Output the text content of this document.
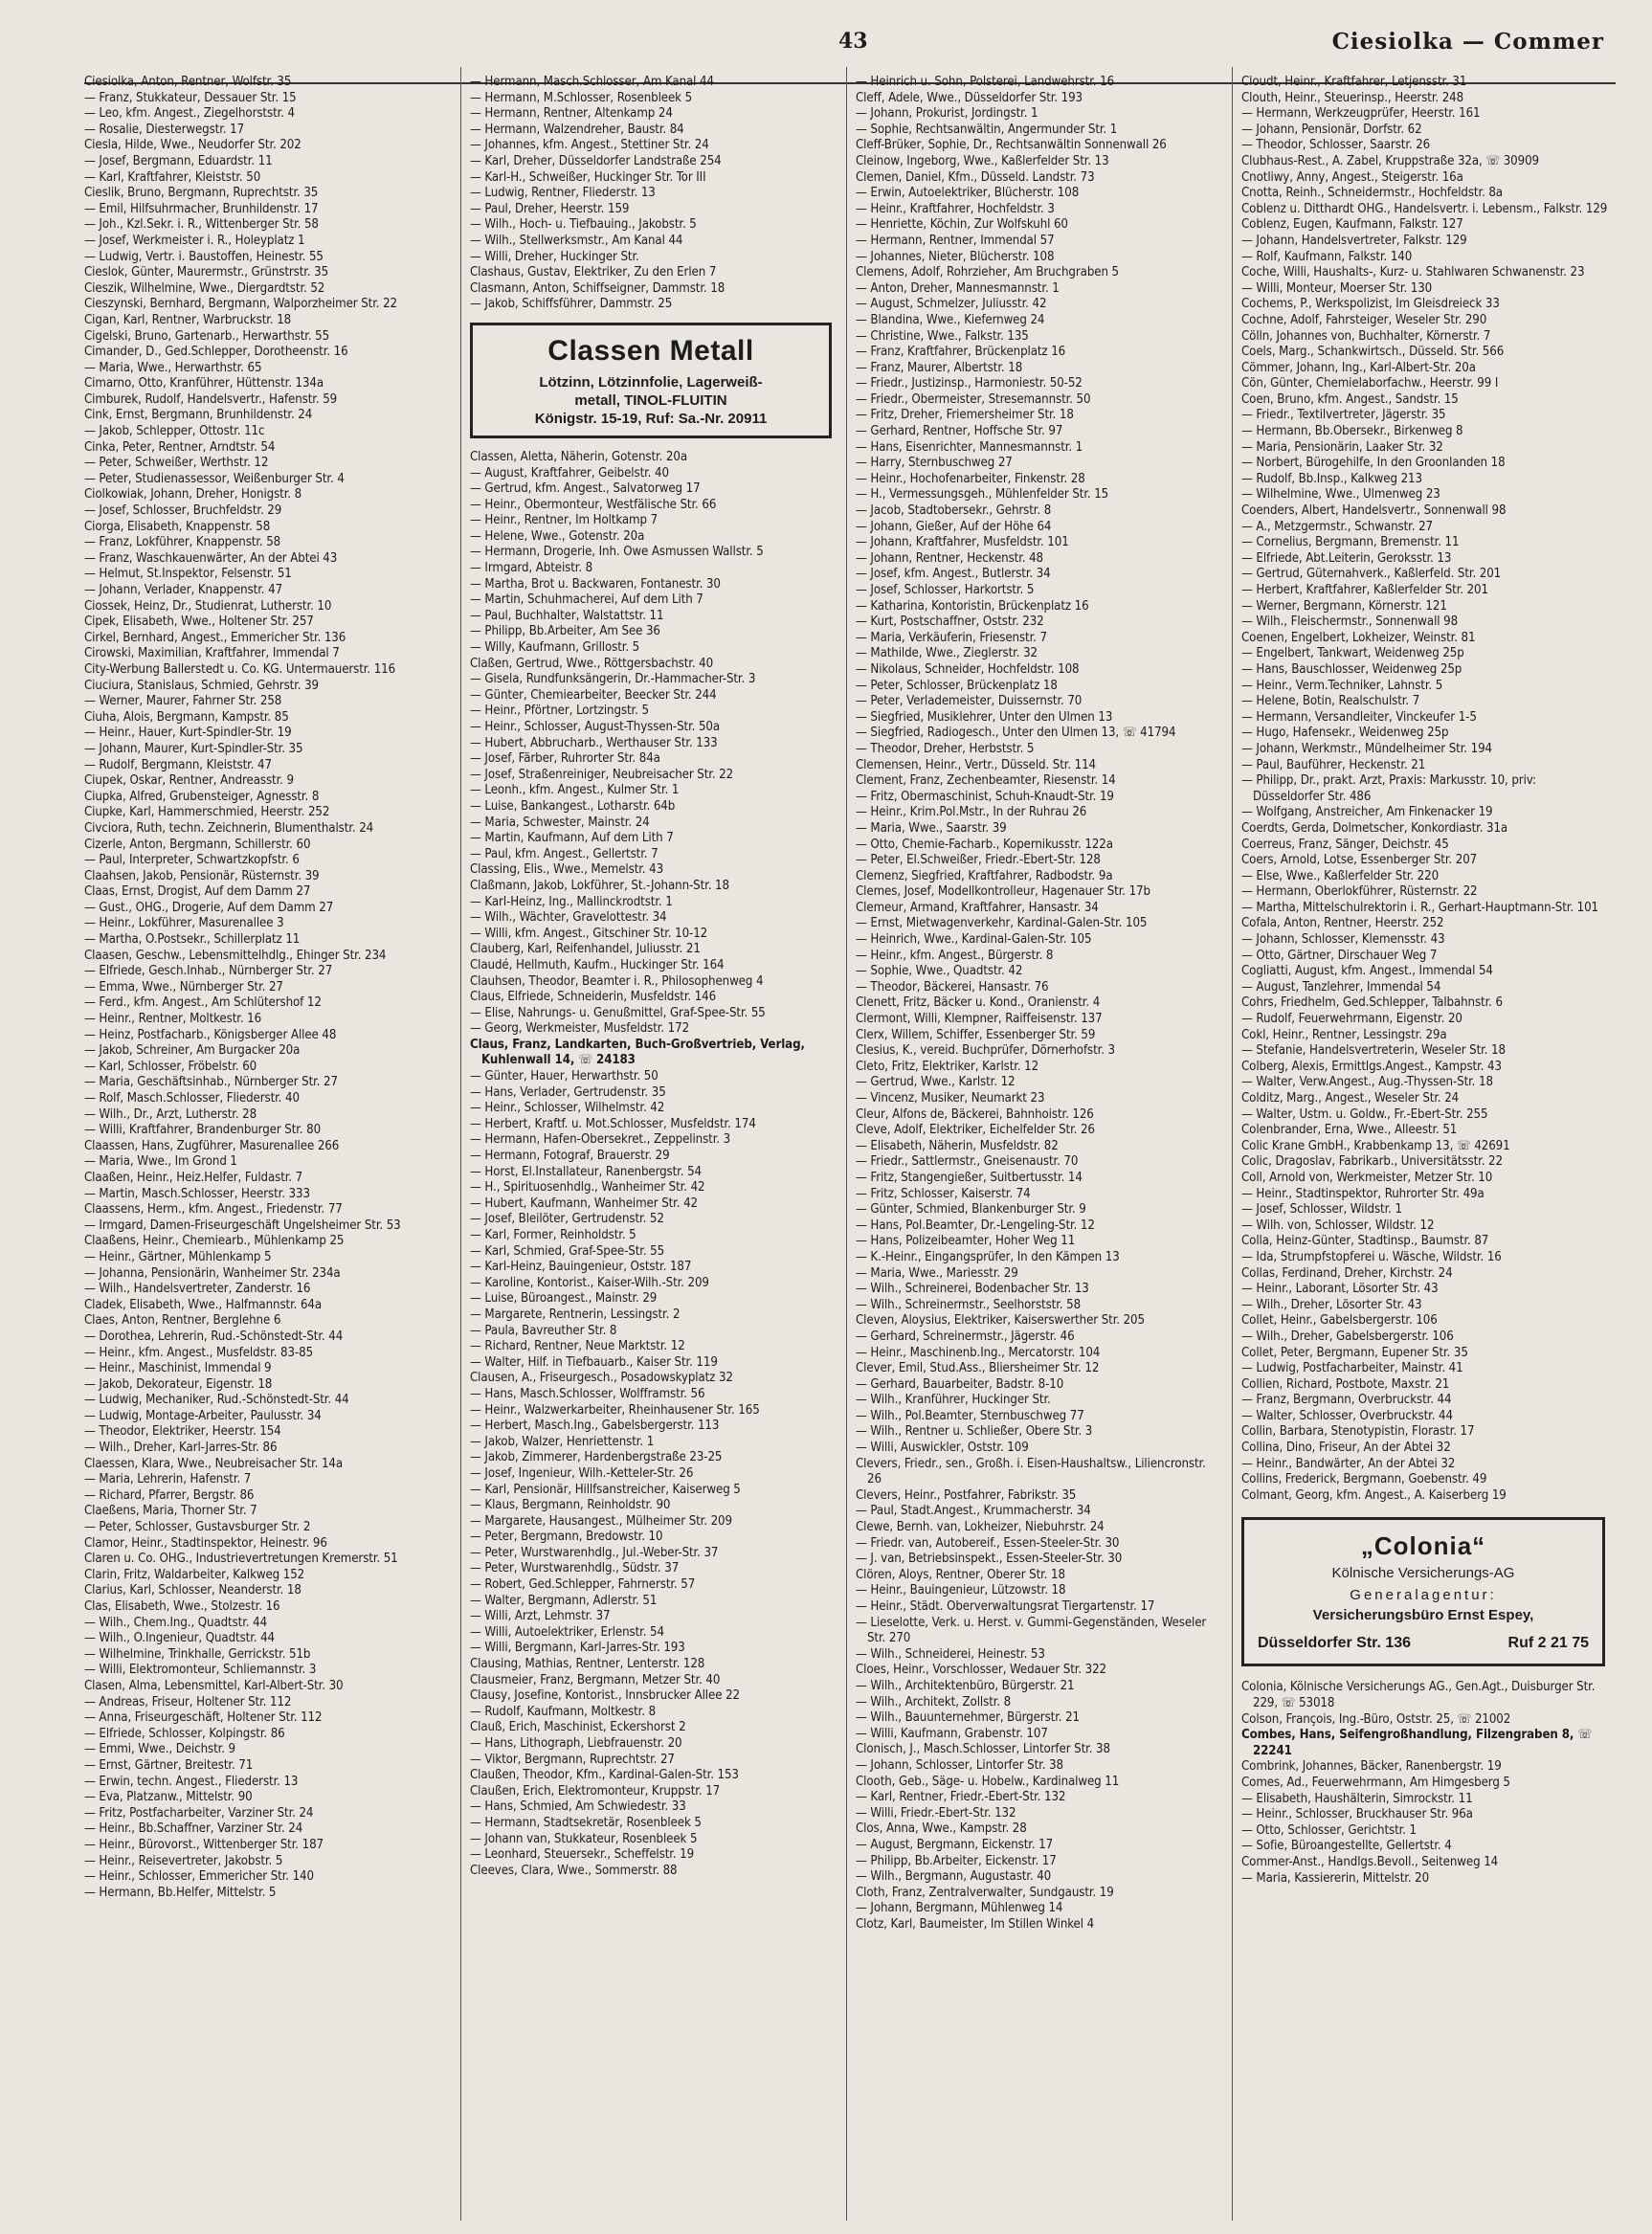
43	Ciesiolka — Commer
Ciesiolka, Anton, Rentner, Wolfstr. 35
— Franz, Stukkateur, Dessauer Str. 15
— Leo, kfm. Angest., Ziegelhorststr. 4
— Rosalie, Diesterwegstr. 17
Ciesla, Hilde, Wwe., Neudorfer Str. 202
— Josef, Bergmann, Eduardstr. 11
— Karl, Kraftfahrer, Kleiststr. 50
Cieslik, Bruno, Bergmann, Ruprechtstr. 35
— Emil, Hilfsuhrmacher, Brunhildenstr. 17
— Joh., Kzl.Sekr. i. R., Wittenberger Str. 58
— Josef, Werkmeister i. R., Holeyplatz 1
— Ludwig, Vertr. i. Baustoffen, Heinestr. 55
Cieslok, Günter, Maurermstr., Grünstrstr. 35
Cieszik, Wilhelmine, Wwe., Diergardtstr. 52
Cieszynski, Bernhard, Bergmann, Walporzheimer Str. 22
Cigan, Karl, Rentner, Warbruckstr. 18
Cigelski, Bruno, Gartenarb., Herwarthstr. 55
Cimander, D., Ged.Schlepper, Dorotheenstr. 16
— Maria, Wwe., Herwarthstr. 65
Cimarno, Otto, Kranführer, Hüttenstr. 134a
Cimburek, Rudolf, Handelsvertr., Hafenstr. 59
Cink, Ernst, Bergmann, Brunhildenstr. 24
— Jakob, Schlepper, Ottostr. 11c
Cinka, Peter, Rentner, Arndtstr. 54
— Peter, Schweißer, Werthstr. 12
— Peter, Studienassessor, Weißenburger Str. 4
Ciolkowiak, Johann, Dreher, Honigstr. 8
— Josef, Schlosser, Bruchfeldstr. 29
Ciorga, Elisabeth, Knappenstr. 58
— Franz, Lokführer, Knappenstr. 58
— Franz, Waschkauenwärter, An der Abtei 43
— Helmut, St.Inspektor, Felsenstr. 51
— Johann, Verlader, Knappenstr. 47
Ciossek, Heinz, Dr., Studienrat, Lutherstr. 10
Cipek, Elisabeth, Wwe., Holtener Str. 257
Cirkel, Bernhard, Angest., Emmericher Str. 136
Cirowski, Maximilian, Kraftfahrer, Immendal 7
City-Werbung Ballerstedt u. Co. KG. Untermauerstr. 116
Ciuciura, Stanislaus, Schmied, Gehrstr. 39
— Werner, Maurer, Fahrner Str. 258
Ciuha, Alois, Bergmann, Kampstr. 85
— Heinr., Hauer, Kurt-Spindler-Str. 19
— Johann, Maurer, Kurt-Spindler-Str. 35
— Rudolf, Bergmann, Kleiststr. 47
Ciupek, Oskar, Rentner, Andreasstr. 9
Ciupka, Alfred, Grubensteiger, Agnesstr. 8
Ciupke, Karl, Hammerschmied, Heerstr. 252
Civciora, Ruth, techn. Zeichnerin, Blumenthalstr. 24
Cizerle, Anton, Bergmann, Schillerstr. 60
— Paul, Interpreter, Schwartzkopfstr. 6
Claahsen, Jakob, Pensionär, Rüsternstr. 39
Claas, Ernst, Drogist, Auf dem Damm 27
— Gust., OHG., Drogerie, Auf dem Damm 27
— Heinr., Lokführer, Masurenallee 3
— Martha, O.Postsekr., Schillerplatz 11
Claasen, Geschw., Lebensmittelhdlg., Ehinger Str. 234
— Elfriede, Gesch.Inhab., Nürnberger Str. 27
— Emma, Wwe., Nürnberger Str. 27
— Ferd., kfm. Angest., Am Schlütershof 12
— Heinr., Rentner, Moltkestr. 16
— Heinz, Postfacharb., Königsberger Allee 48
— Jakob, Schreiner, Am Burgacker 20a
— Karl, Schlosser, Fröbelstr. 60
— Maria, Geschäftsinhab., Nürnberger Str. 27
— Rolf, Masch.Schlosser, Fliederstr. 40
— Wilh., Dr., Arzt, Lutherstr. 28
— Willi, Kraftfahrer, Brandenburger Str. 80
Claassen, Hans, Zugführer, Masurenallee 266
— Maria, Wwe., Im Grond 1
Claaßen, Heinr., Heiz.Helfer, Fuldastr. 7
— Martin, Masch.Schlosser, Heerstr. 333
Claassens, Herm., kfm. Angest., Friedenstr. 77
— Irmgard, Damen-Friseurgeschäft Ungelsheimer Str. 53
Claaßens, Heinr., Chemiearb., Mühlenkamp 25
— Heinr., Gärtner, Mühlenkamp 5
— Johanna, Pensionärin, Wanheimer Str. 234a
— Wilh., Handelsvertreter, Zanderstr. 16
Cladek, Elisabeth, Wwe., Halfmannstr. 64a
Claes, Anton, Rentner, Berglehne 6
— Dorothea, Lehrerin, Rud.-Schönstedt-Str. 44
— Heinr., kfm. Angest., Musfeldstr. 83-85
— Heinr., Maschinist, Immendal 9
— Jakob, Dekorateur, Eigenstr. 18
— Ludwig, Mechaniker, Rud.-Schönstedt-Str. 44
— Ludwig, Montage-Arbeiter, Paulusstr. 34
— Theodor, Elektriker, Heerstr. 154
— Wilh., Dreher, Karl-Jarres-Str. 86
Claessen, Klara, Wwe., Neubreisacher Str. 14a
— Maria, Lehrerin, Hafenstr. 7
— Richard, Pfarrer, Bergstr. 86
Claeßens, Maria, Thorner Str. 7
— Peter, Schlosser, Gustavsburger Str. 2
Clamor, Heinr., Stadtinspektor, Heinestr. 96
Claren u. Co. OHG., Industrievertretungen Kremerstr. 51
Clarin, Fritz, Waldarbeiter, Kalkweg 152
Clarius, Karl, Schlosser, Neanderstr. 18
Clas, Elisabeth, Wwe., Stolzestr. 16
— Wilh., Chem.Ing., Quadtstr. 44
— Wilh., O.Ingenieur, Quadtstr. 44
— Wilhelmine, Trinkhalle, Gerrickstr. 51b
— Willi, Elektromonteur, Schliemannstr. 3
Clasen, Alma, Lebensmittel, Karl-Albert-Str. 30
— Andreas, Friseur, Holtener Str. 112
— Anna, Friseurgeschäft, Holtener Str. 112
— Elfriede, Schlosser, Kolpingstr. 86
— Emmi, Wwe., Deichstr. 9
— Ernst, Gärtner, Breitestr. 71
— Erwin, techn. Angest., Fliederstr. 13
— Eva, Platzanw., Mittelstr. 90
— Fritz, Postfacharbeiter, Varziner Str. 24
— Heinr., Bb.Schaffner, Varziner Str. 24
— Heinr., Bürovorst., Wittenberger Str. 187
— Heinr., Reisevertreter, Jakobstr. 5
— Heinr., Schlosser, Emmericher Str. 140
— Hermann, Bb.Helfer, Mittelstr. 5
— Hermann, Masch.Schlosser, Am Kanal 44
— Hermann, M.Schlosser, Rosenbleek 5
— Hermann, Rentner, Altenkamp 24
— Hermann, Walzendreher, Baustr. 84
— Johannes, kfm. Angest., Stettiner Str. 24
— Karl, Dreher, Düsseldorfer Landstraße 254
— Karl-H., Schweißer, Huckinger Str. Tor III
— Ludwig, Rentner, Fliederstr. 13
— Paul, Dreher, Heerstr. 159
— Wilh., Hoch- u. Tiefbauing., Jakobstr. 5
— Wilh., Stellwerksmstr., Am Kanal 44
— Willi, Dreher, Huckinger Str.
Clashaus, Gustav, Elektriker, Zu den Erlen 7
Clasmann, Anton, Schiffseigner, Dammstr. 18
— Jakob, Schiffsführer, Dammstr. 25
Classen Metall
Lötzinn, Lötzinnfolie, Lagerweiß-
metall, TINOL-FLUITIN
Königstr. 15-19, Ruf: Sa.-Nr. 20911
Classen, Aletta, Näherin, Gotenstr. 20a
— August, Kraftfahrer, Geibelstr. 40
— Gertrud, kfm. Angest., Salvatorweg 17
— Heinr., Obermonteur, Westfälische Str. 66
— Heinr., Rentner, Im Holtkamp 7
— Helene, Wwe., Gotenstr. 20a
— Hermann, Drogerie, Inh. Owe Asmussen Wallstr. 5
— Irmgard, Abteistr. 8
— Martha, Brot u. Backwaren, Fontanestr. 30
— Martin, Schuhmacherei, Auf dem Lith 7
— Paul, Buchhalter, Walstattstr. 11
— Philipp, Bb.Arbeiter, Am See 36
— Willy, Kaufmann, Grillostr. 5
Claßen, Gertrud, Wwe., Röttgersbachstr. 40
— Gisela, Rundfunksängerin, Dr.-Hammacher-Str. 3
— Günter, Chemiearbeiter, Beecker Str. 244
— Heinr., Pförtner, Lortzingstr. 5
— Heinr., Schlosser, August-Thyssen-Str. 50a
— Hubert, Abbrucharb., Werthauser Str. 133
— Josef, Färber, Ruhrorter Str. 84a
— Josef, Straßenreiniger, Neubreisacher Str. 22
— Leonh., kfm. Angest., Kulmer Str. 1
— Luise, Bankangest., Lotharstr. 64b
— Maria, Schwester, Mainstr. 24
— Martin, Kaufmann, Auf dem Lith 7
— Paul, kfm. Angest., Gellertstr. 7
Classing, Elis., Wwe., Memelstr. 43
Claßmann, Jakob, Lokführer, St.-Johann-Str. 18
— Karl-Heinz, Ing., Mallinckrodtstr. 1
— Wilh., Wächter, Gravelottestr. 34
— Willi, kfm. Angest., Gitschiner Str. 10-12
Clauberg, Karl, Reifenhandel, Juliusstr. 21
Claudé, Hellmuth, Kaufm., Huckinger Str. 164
Clauhsen, Theodor, Beamter i. R., Philosophenweg 4
Claus, Elfriede, Schneiderin, Musfeldstr. 146
— Elise, Nahrungs- u. Genußmittel, Graf-Spee-Str. 55
— Georg, Werkmeister, Musfeldstr. 172
Claus, Franz, Landkarten, Buch-Großvertrieb, Verlag, Kuhlenwall 14, ☏ 24183
— Günter, Hauer, Herwarthstr. 50
— Hans, Verlader, Gertrudenstr. 35
— Heinr., Schlosser, Wilhelmstr. 42
— Herbert, Kraftf. u. Mot.Schlosser, Musfeldstr. 174
— Hermann, Hafen-Obersekret., Zeppelinstr. 3
— Hermann, Fotograf, Brauerstr. 29
— Horst, El.Installateur, Ranenbergstr. 54
— H., Spirituosenhdlg., Wanheimer Str. 42
— Hubert, Kaufmann, Wanheimer Str. 42
— Josef, Bleilöter, Gertrudenstr. 52
— Karl, Former, Reinholdstr. 5
— Karl, Schmied, Graf-Spee-Str. 55
— Karl-Heinz, Bauingenieur, Oststr. 187
— Karoline, Kontorist., Kaiser-Wilh.-Str. 209
— Luise, Büroangest., Mainstr. 29
— Margarete, Rentnerin, Lessingstr. 2
— Paula, Bavreuther Str. 8
— Richard, Rentner, Neue Marktstr. 12
— Walter, Hilf. in Tiefbauarb., Kaiser Str. 119
Clausen, A., Friseurgesch., Posadowskyplatz 32
— Hans, Masch.Schlosser, Wolfframstr. 56
— Heinr., Walzwerkarbeiter, Rheinhausener Str. 165
— Herbert, Masch.Ing., Gabelsbergerstr. 113
— Jakob, Walzer, Henriettenstr. 1
— Jakob, Zimmerer, Hardenbergstraße 23-25
— Josef, Ingenieur, Wilh.-Ketteler-Str. 26
— Karl, Pensionär, Hillfsanstreicher, Kaiserweg 5
— Klaus, Bergmann, Reinholdstr. 90
— Margarete, Hausangest., Mülheimer Str. 209
— Peter, Bergmann, Bredowstr. 10
— Peter, Wurstwarenhdlg., Jul.-Weber-Str. 37
— Peter, Wurstwarenhdlg., Südstr. 37
— Robert, Ged.Schlepper, Fahrnerstr. 57
— Walter, Bergmann, Adlerstr. 51
— Willi, Arzt, Lehmstr. 37
— Willi, Autoelektriker, Erlenstr. 54
— Willi, Bergmann, Karl-Jarres-Str. 193
Clausing, Mathias, Rentner, Lenterstr. 128
Clausmeier, Franz, Bergmann, Metzer Str. 40
Clausy, Josefine, Kontorist., Innsbrucker Allee 22
— Rudolf, Kaufmann, Moltkestr. 8
Clauß, Erich, Maschinist, Eckershorst 2
— Hans, Lithograph, Liebfrauenstr. 20
— Viktor, Bergmann, Ruprechtstr. 27
Claußen, Theodor, Kfm., Kardinal-Galen-Str. 153
Claußen, Erich, Elektromonteur, Kruppstr. 17
— Hans, Schmied, Am Schwiedestr. 33
— Hermann, Stadtsekretär, Rosenbleek 5
— Johann van, Stukkateur, Rosenbleek 5
— Leonhard, Steuersekr., Scheffelstr. 19
Cleeves, Clara, Wwe., Sommerstr. 88
— Heinrich u. Sohn, Polsterei, Landwehrstr. 16
Cleff, Adele, Wwe., Düsseldorfer Str. 193
— Johann, Prokurist, Jordingstr. 1
— Sophie, Rechtsanwältin, Angermunder Str. 1
Cleff-Brüker, Sophie, Dr., Rechtsanwältin Sonnenwall 26
Cleinow, Ingeborg, Wwe., Kaßlerfelder Str. 13
Clemen, Daniel, Kfm., Düsseld. Landstr. 73
— Erwin, Autoelektriker, Blücherstr. 108
— Heinr., Kraftfahrer, Hochfeldstr. 3
— Henriette, Köchin, Zur Wolfskuhl 60
— Hermann, Rentner, Immendal 57
— Johannes, Nieter, Blücherstr. 108
Clemens, Adolf, Rohrzieher, Am Bruchgraben 5
— Anton, Dreher, Mannesmannstr. 1
— August, Schmelzer, Juliusstr. 42
— Blandina, Wwe., Kiefernweg 24
— Christine, Wwe., Falkstr. 135
— Franz, Kraftfahrer, Brückenplatz 16
— Franz, Maurer, Albertstr. 18
— Friedr., Justizinsp., Harmoniestr. 50-52
— Friedr., Obermeister, Stresemannstr. 50
— Fritz, Dreher, Friemersheimer Str. 18
— Gerhard, Rentner, Hoffsche Str. 97
— Hans, Eisenrichter, Mannesmannstr. 1
— Harry, Sternbuschweg 27
— Heinr., Hochofenarbeiter, Finkenstr. 28
— H., Vermessungsgeh., Mühlenfelder Str. 15
— Jacob, Stadtobersekr., Gehrstr. 8
— Johann, Gießer, Auf der Höhe 64
— Johann, Kraftfahrer, Musfeldstr. 101
— Johann, Rentner, Heckenstr. 48
— Josef, kfm. Angest., Butlerstr. 34
— Josef, Schlosser, Harkortstr. 5
— Katharina, Kontoristin, Brückenplatz 16
— Kurt, Postschaffner, Oststr. 232
— Maria, Verkäuferin, Friesenstr. 7
— Mathilde, Wwe., Zieglerstr. 32
— Nikolaus, Schneider, Hochfeldstr. 108
— Peter, Schlosser, Brückenplatz 18
— Peter, Verlademeister, Duissernstr. 70
— Siegfried, Musiklehrer, Unter den Ulmen 13
— Siegfried, Radiogesch., Unter den Ulmen 13, ☏ 41794
— Theodor, Dreher, Herbststr. 5
Clemensen, Heinr., Vertr., Düsseld. Str. 114
Clement, Franz, Zechenbeamter, Riesenstr. 14
— Fritz, Obermaschinist, Schuh-Knaudt-Str. 19
— Heinr., Krim.Pol.Mstr., In der Ruhrau 26
— Maria, Wwe., Saarstr. 39
— Otto, Chemie-Facharb., Kopernikusstr. 122a
— Peter, El.Schweißer, Friedr.-Ebert-Str. 128
Clemenz, Siegfried, Kraftfahrer, Radbodstr. 9a
Clemes, Josef, Modellkontrolleur, Hagenauer Str. 17b
Clemeur, Armand, Kraftfahrer, Hansastr. 34
— Ernst, Mietwagenverkehr, Kardinal-Galen-Str. 105
— Heinrich, Wwe., Kardinal-Galen-Str. 105
— Heinr., kfm. Angest., Bürgerstr. 8
— Sophie, Wwe., Quadtstr. 42
— Theodor, Bäckerei, Hansastr. 76
Clenett, Fritz, Bäcker u. Kond., Oranienstr. 4
Clermont, Willi, Klempner, Raiffeisenstr. 137
Clerx, Willem, Schiffer, Essenberger Str. 59
Clesius, K., vereid. Buchprüfer, Dörnerhofstr. 3
Cleto, Fritz, Elektriker, Karlstr. 12
— Gertrud, Wwe., Karlstr. 12
— Vincenz, Musiker, Neumarkt 23
Cleur, Alfons de, Bäckerei, Bahnhoistr. 126
Cleve, Adolf, Elektriker, Eichelfelder Str. 26
— Elisabeth, Näherin, Musfeldstr. 82
— Friedr., Sattlermstr., Gneisenaustr. 70
— Fritz, Stangengießer, Suitbertusstr. 14
— Fritz, Schlosser, Kaiserstr. 74
— Günter, Schmied, Blankenburger Str. 9
— Hans, Pol.Beamter, Dr.-Lengeling-Str. 12
— Hans, Polizeibeamter, Hoher Weg 11
— K.-Heinr., Eingangsprüfer, In den Kämpen 13
— Maria, Wwe., Mariesstr. 29
— Wilh., Schreinerei, Bodenbacher Str. 13
— Wilh., Schreinermstr., Seelhorststr. 58
Cleven, Aloysius, Elektriker, Kaiserswerther Str. 205
— Gerhard, Schreinermstr., Jägerstr. 46
— Heinr., Maschinenb.Ing., Mercatorstr. 104
Clever, Emil, Stud.Ass., Bliersheimer Str. 12
— Gerhard, Bauarbeiter, Badstr. 8-10
— Wilh., Kranführer, Huckinger Str.
— Wilh., Pol.Beamter, Sternbuschweg 77
— Wilh., Rentner u. Schließer, Obere Str. 3
— Willi, Auswickler, Oststr. 109
Clevers, Friedr., sen., Großh. i. Eisen-Haushaltsw., Liliencronstr. 26
Clevers, Heinr., Postfahrer, Fabrikstr. 35
— Paul, Stadt.Angest., Krummacherstr. 34
Clewe, Bernh. van, Lokheizer, Niebuhrstr. 24
— Friedr. van, Autobereif., Essen-Steeler-Str. 30
— J. van, Betriebsinspekt., Essen-Steeler-Str. 30
Clören, Aloys, Rentner, Oberer Str. 18
— Heinr., Bauingenieur, Lützowstr. 18
— Heinr., Städt. Oberverwaltungsrat Tiergartenstr. 17
— Lieselotte, Verk. u. Herst. v. Gummi-Gegenständen, Weseler Str. 270
— Wilh., Schneiderei, Heinestr. 53
Cloes, Heinr., Vorschlosser, Wedauer Str. 322
— Wilh., Architektenbüro, Bürgerstr. 21
— Wilh., Architekt, Zollstr. 8
— Wilh., Bauunternehmer, Bürgerstr. 21
— Willi, Kaufmann, Grabenstr. 107
Clonisch, J., Masch.Schlosser, Lintorfer Str. 38
— Johann, Schlosser, Lintorfer Str. 38
Clooth, Geb., Säge- u. Hobelw., Kardinalweg 11
— Karl, Rentner, Friedr.-Ebert-Str. 132
— Willi, Friedr.-Ebert-Str. 132
Clos, Anna, Wwe., Kampstr. 28
— August, Bergmann, Eickenstr. 17
— Philipp, Bb.Arbeiter, Eickenstr. 17
— Wilh., Bergmann, Augustastr. 40
Cloth, Franz, Zentralverwalter, Sundgaustr. 19
— Johann, Bergmann, Mühlenweg 14
Clotz, Karl, Baumeister, Im Stillen Winkel 4
Cloudt, Heinr., Kraftfahrer, Letjensstr. 31
Clouth, Heinr., Steuerinsp., Heerstr. 248
— Hermann, Werkzeugprüfer, Heerstr. 161
— Johann, Pensionär, Dorfstr. 62
— Theodor, Schlosser, Saarstr. 26
Clubhaus-Rest., A. Zabel, Kruppstraße 32a, ☏ 30909
Cnotliwy, Anny, Angest., Steigerstr. 16a
Cnotta, Reinh., Schneidermstr., Hochfeldstr. 8a
Coblenz u. Ditthardt OHG., Handelsvertr. i. Lebensm., Falkstr. 129
Coblenz, Eugen, Kaufmann, Falkstr. 127
— Johann, Handelsvertreter, Falkstr. 129
— Rolf, Kaufmann, Falkstr. 140
Coche, Willi, Haushalts-, Kurz- u. Stahlwaren Schwanenstr. 23
— Willi, Monteur, Moerser Str. 130
Cochems, P., Werkspolizist, Im Gleisdreieck 33
Cochne, Adolf, Fahrsteiger, Weseler Str. 290
Cölln, Johannes von, Buchhalter, Körnerstr. 7
Coels, Marg., Schankwirtsch., Düsseld. Str. 566
Cömmer, Johann, Ing., Karl-Albert-Str. 20a
Cön, Günter, Chemielaborfachw., Heerstr. 99 I
Coen, Bruno, kfm. Angest., Sandstr. 15
— Friedr., Textilvertreter, Jägerstr. 35
— Hermann, Bb.Obersekr., Birkenweg 8
— Maria, Pensionärin, Laaker Str. 32
— Norbert, Bürogehilfe, In den Groonlanden 18
— Rudolf, Bb.Insp., Kalkweg 213
— Wilhelmine, Wwe., Ulmenweg 23
Coenders, Albert, Handelsvertr., Sonnenwall 98
— A., Metzgermstr., Schwanstr. 27
— Cornelius, Bergmann, Bremenstr. 11
— Elfriede, Abt.Leiterin, Geroksstr. 13
— Gertrud, Güternahverk., Kaßlerfeld. Str. 201
— Herbert, Kraftfahrer, Kaßlerfelder Str. 201
— Werner, Bergmann, Körnerstr. 121
— Wilh., Fleischermstr., Sonnenwall 98
Coenen, Engelbert, Lokheizer, Weinstr. 81
— Engelbert, Tankwart, Weidenweg 25p
— Hans, Bauschlosser, Weidenweg 25p
— Heinr., Verm.Techniker, Lahnstr. 5
— Helene, Botin, Realschulstr. 7
— Hermann, Versandleiter, Vinckeufer 1-5
— Hugo, Hafensekr., Weidenweg 25p
— Johann, Werkmstr., Mündelheimer Str. 194
— Paul, Bauführer, Heckenstr. 21
— Philipp, Dr., prakt. Arzt, Praxis: Markusstr. 10, priv: Düsseldorfer Str. 486
— Wolfgang, Anstreicher, Am Finkenacker 19
Coerdts, Gerda, Dolmetscher, Konkordiastr. 31a
Coerreus, Franz, Sänger, Deichstr. 45
Coers, Arnold, Lotse, Essenberger Str. 207
— Else, Wwe., Kaßlerfelder Str. 220
— Hermann, Oberlokführer, Rüsternstr. 22
— Martha, Mittelschulrektorin i. R., Gerhart-Hauptmann-Str. 101
Cofala, Anton, Rentner, Heerstr. 252
— Johann, Schlosser, Klemensstr. 43
— Otto, Gärtner, Dirschauer Weg 7
Cogliatti, August, kfm. Angest., Immendal 54
— August, Tanzlehrer, Immendal 54
Cohrs, Friedhelm, Ged.Schlepper, Talbahnstr. 6
— Rudolf, Feuerwehrmann, Eigenstr. 20
Cokl, Heinr., Rentner, Lessingstr. 29a
— Stefanie, Handelsvertreterin, Weseler Str. 18
Colberg, Alexis, Ermittlgs.Angest., Kampstr. 43
— Walter, Verw.Angest., Aug.-Thyssen-Str. 18
Colditz, Marg., Angest., Weseler Str. 24
— Walter, Ustm. u. Goldw., Fr.-Ebert-Str. 255
Colenbrander, Erna, Wwe., Alleestr. 51
Colic Krane GmbH., Krabbenkamp 13, ☏ 42691
Colic, Dragoslav, Fabrikarb., Universitätsstr. 22
Coll, Arnold von, Werkmeister, Metzer Str. 10
— Heinr., Stadtinspektor, Ruhrorter Str. 49a
— Josef, Schlosser, Wildstr. 1
— Wilh. von, Schlosser, Wildstr. 12
Colla, Heinz-Günter, Stadtinsp., Baumstr. 87
— Ida, Strumpfstopferei u. Wäsche, Wildstr. 16
Collas, Ferdinand, Dreher, Kirchstr. 24
— Heinr., Laborant, Lösorter Str. 43
— Wilh., Dreher, Lösorter Str. 43
Collet, Heinr., Gabelsbergerstr. 106
— Wilh., Dreher, Gabelsbergerstr. 106
Collet, Peter, Bergmann, Eupener Str. 35
— Ludwig, Postfacharbeiter, Mainstr. 41
Collien, Richard, Postbote, Maxstr. 21
— Franz, Bergmann, Overbruckstr. 44
— Walter, Schlosser, Overbruckstr. 44
Collin, Barbara, Stenotypistin, Florastr. 17
Collina, Dino, Friseur, An der Abtei 32
— Heinr., Bandwärter, An der Abtei 32
Collins, Frederick, Bergmann, Goebenstr. 49
Colmant, Georg, kfm. Angest., A. Kaiserberg 19
„Colonia“
Kölnische Versicherungs-AG
Generalagentur:
Versicherungsbüro Ernst Espey,
Düsseldorfer Str. 136	Ruf 2 21 75
Colonia, Kölnische Versicherungs AG., Gen.Agt., Duisburger Str. 229, ☏ 53018
Colson, François, Ing.-Büro, Oststr. 25, ☏ 21002
Combes, Hans, Seifengroßhandlung, Filzengraben 8, ☏ 22241
Combrink, Johannes, Bäcker, Ranenbergstr. 19
Comes, Ad., Feuerwehrmann, Am Himgesberg 5
— Elisabeth, Haushälterin, Simrockstr. 11
— Heinr., Schlosser, Bruckhauser Str. 96a
— Otto, Schlosser, Gerichtstr. 1
— Sofie, Büroangestellte, Gellertstr. 4
Commer-Anst., Handlgs.Bevoll., Seitenweg 14
— Maria, Kassiererin, Mittelstr. 20
